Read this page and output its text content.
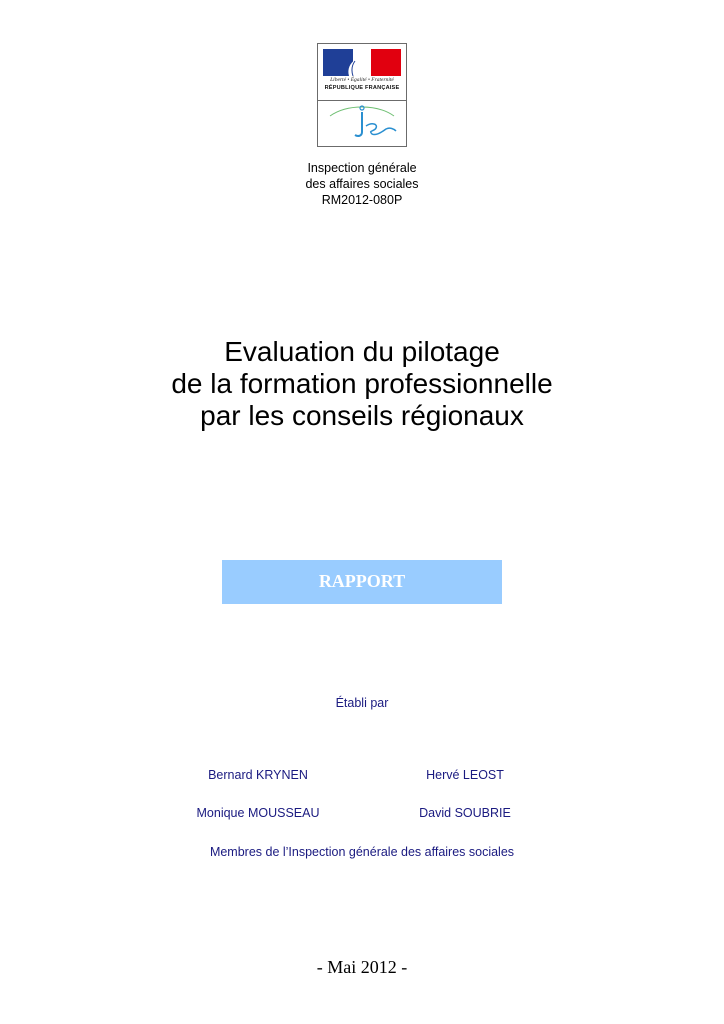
Liberté • Égalité • Fraternité
RÉPUBLIQUE FRANÇAISE
Inspection générale
des affaires sociales
RM2012-080P
Evaluation du pilotage
de la formation professionnelle
par les conseils régionaux
RAPPORT
Établi par
Bernard KRYNEN	Hervé LEOST
Monique MOUSSEAU	David SOUBRIE
Membres de l’Inspection générale des affaires sociales
- Mai 2012 -
